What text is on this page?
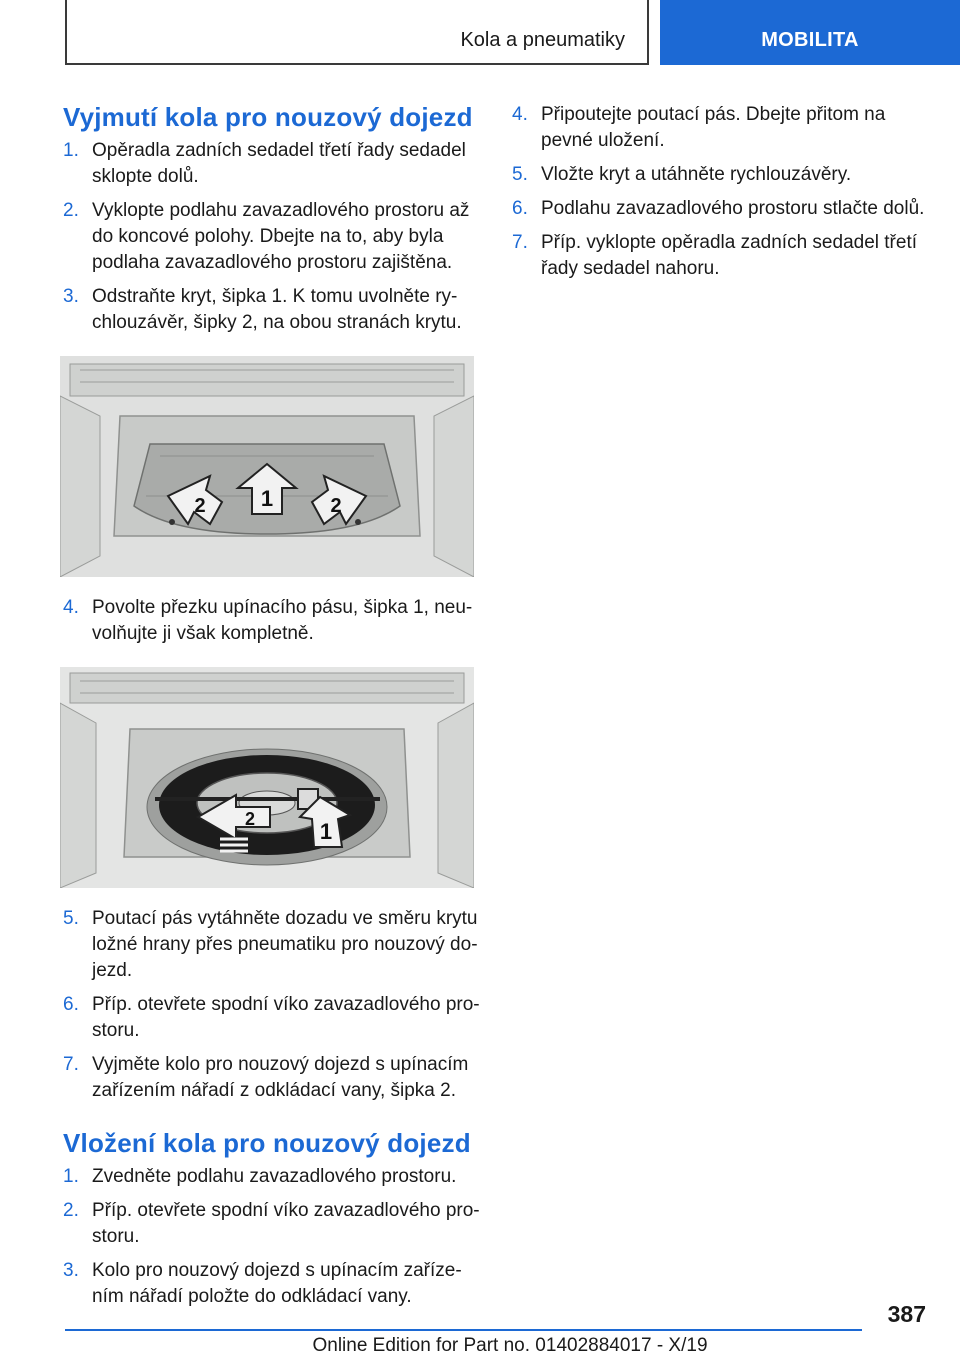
Kola a pneumatiky	MOBILITA
Vyjmutí kola pro nouzový dojezd
1. Opěradla zadních sedadel třetí řady sedadel sklopte dolů.
2. Vyklopte podlahu zavazadlového prostoru až do koncové polohy. Dbejte na to, aby byla podlaha zavazadlového prostoru zajištěna.
3. Odstraňte kryt, šipka 1. K tomu uvolněte rychlouzávěr, šipky 2, na obou stranách krytu.
1
2	2
4. Povolte přezku upínacího pásu, šipka 1, neuvolňujte ji však kompletně.
1
2
5. Poutací pás vytáhněte dozadu ve směru krytu ložné hrany přes pneumatiku pro nouzový dojezd.
6. Příp. otevřete spodní víko zavazadlového prostoru.
7. Vyjměte kolo pro nouzový dojezd s upínacím zařízením nářadí z odkládací vany, šipka 2.
Vložení kola pro nouzový dojezd
1. Zvedněte podlahu zavazadlového prostoru.
2. Příp. otevřete spodní víko zavazadlového prostoru.
3. Kolo pro nouzový dojezd s upínacím zařízením nářadí položte do odkládací vany.
4. Připoutejte poutací pás. Dbejte přitom na pevné uložení.
5. Vložte kryt a utáhněte rychlouzávěry.
6. Podlahu zavazadlového prostoru stlačte dolů.
7. Příp. vyklopte opěradla zadních sedadel třetí řady sedadel nahoru.
387
Online Edition for Part no. 01402884017 - X/19
